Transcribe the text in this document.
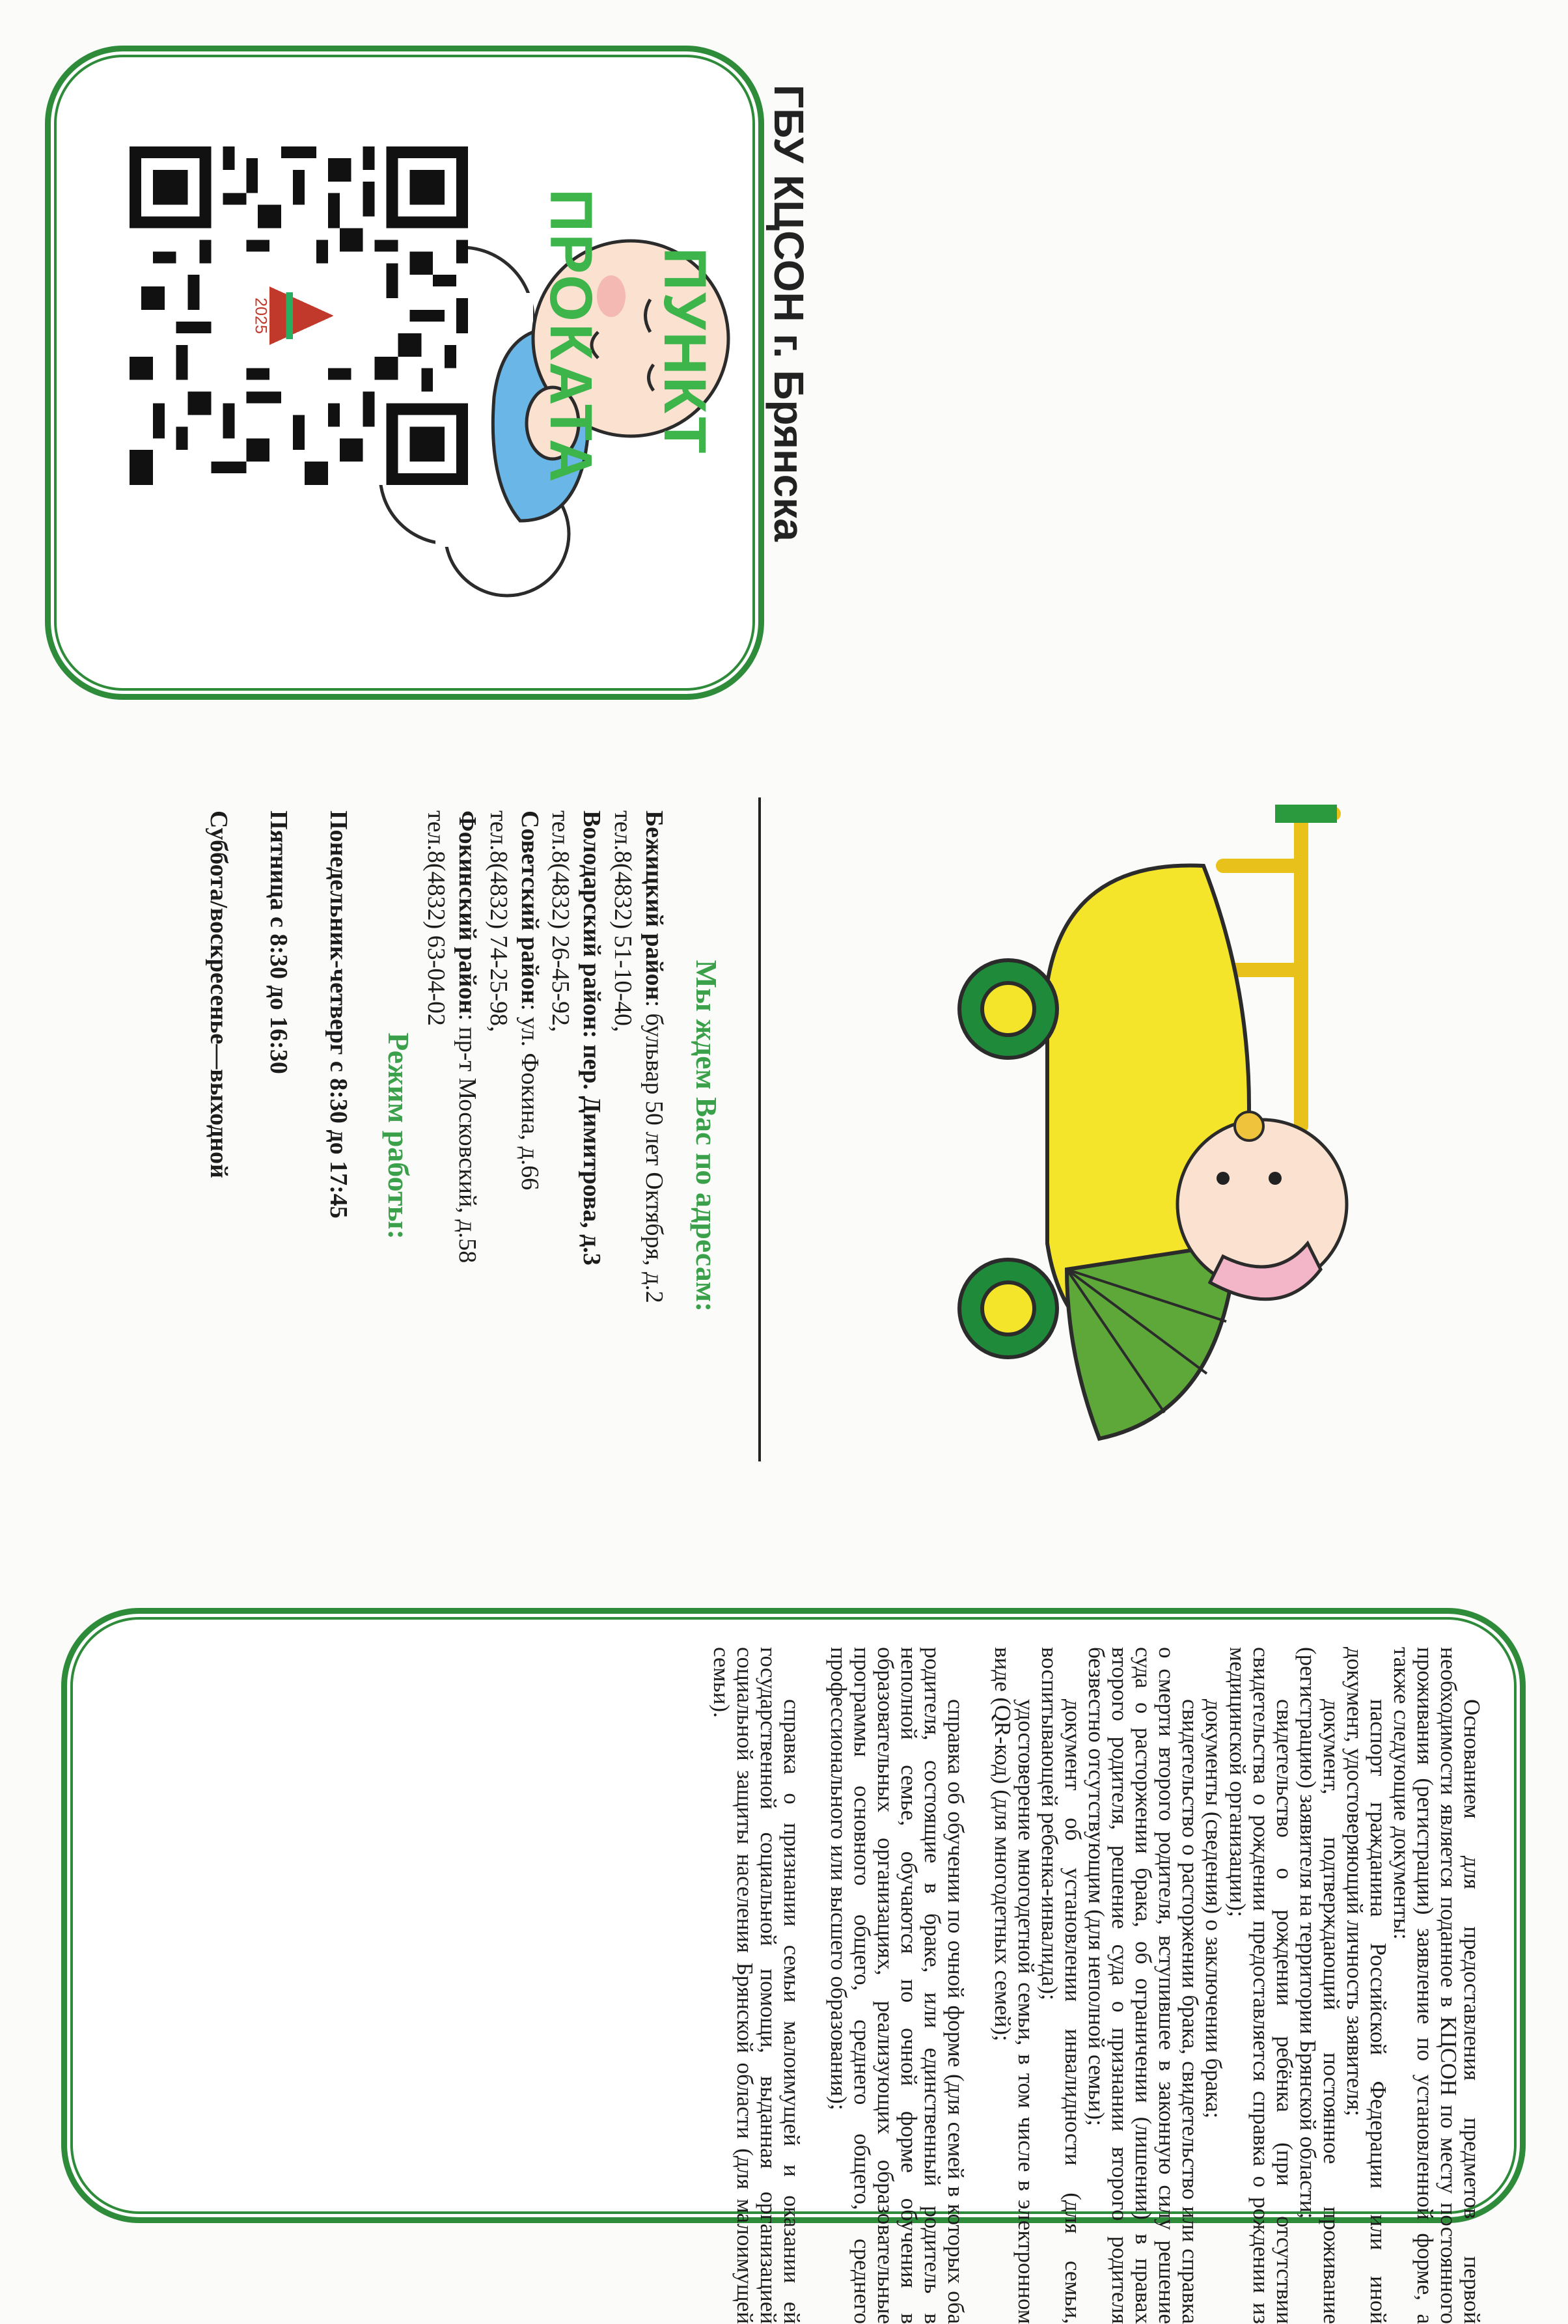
ГБУ КЦСОН г. Брянска
ПУНКТ
ПРОКАТА
2025
Мы ждем Вас по адресам:

Бежицкий район: бульвар 50 лет Октября, д.2

тел.8(4832) 51-10-40,

Володарский район: пер. Димитрова, д.3

тел.8(4832) 26-45-92,

Советский район: ул. Фокина, д.66

тел.8(4832) 74-25-98,

Фокинский район: пр-т Московский, д.58

тел.8(4832) 63-04-02

Режим работы:

Понедельник-четверг с 8:30 до 17:45

Пятница с 8:30 до 16:30

Суббота/воскресенье—выходной

Основанием для предоставления предметов первой необходимости является поданное в КЦСОН по месту постоянного проживания (регистрации) заявление по установленной форме, а также следующие документы:

паспорт гражданина Российской Федерации или иной документ, удостоверяющий личность заявителя;

документ, подтверждающий постоянное проживание (регистрацию) заявителя на территории Брянской области;

свидетельство о рождении ребёнка (при отсутствии свидетельства о рождении предоставляется справка о рождении из медицинской организации);

документы (сведения) о заключении брака;

свидетельство о расторжении брака, свидетельство или справка о смерти второго родителя, вступившее в законную силу решение суда о расторжении брака, об ограничении (лишении) в правах второго родителя, решение суда о признании второго родителя безвестно отсутствующим (для неполной семьи);

документ об установлении инвалидности (для семьи, воспитывающей ребенка-инвалида);

удостоверение многодетной семьи, в том числе в электронном виде (QR-код) (для многодетных семей);

справка об обучении по очной форме (для семей в которых оба родителя, состоящие в браке, или единственный родитель в неполной семье, обучаются по очной форме обучения в образовательных организациях, реализующих образовательные программы основного общего, среднего общего, среднего профессионального или высшего образования);

справка о признании семьи малоимущей и оказании ей государственной социальной помощи, выданная организацией социальной защиты населения Брянской области (для малоимущей семьи).
